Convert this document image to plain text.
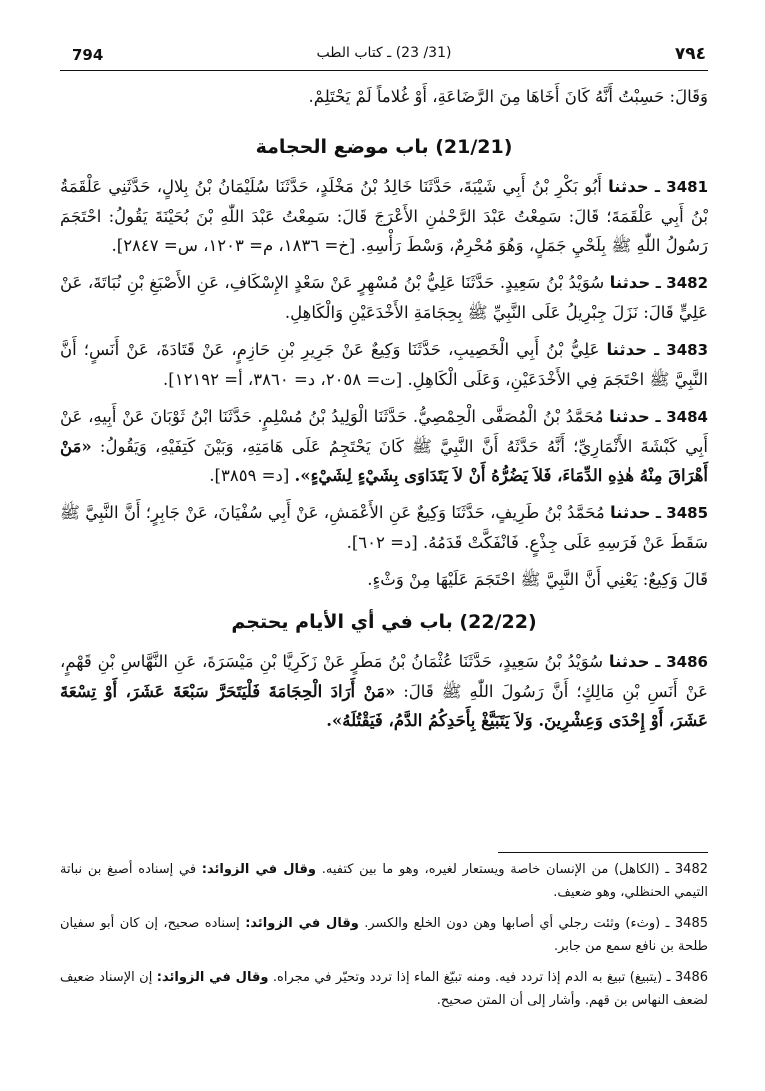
794	(31/ 23) ـ كتاب الطب	٧٩٤

وَقَالَ: حَسِبْتُ أَنَّهُ كَانَ أَخَاهَا مِنَ الرَّضَاعَةِ، أَوْ غُلاماً لَمْ يَحْتَلِمْ.

(21/21) باب موضع الحجامة

3481 ـ حدثنا أَبُو بَكْرِ بْنُ أَبِي شَيْبَةَ، حَدَّثَنَا خَالِدُ بْنُ مَخْلَدٍ، حَدَّثَنَا سُلَيْمَانُ بْنُ بِلالٍ، حَدَّثَنِي عَلْقَمَةُ بْنُ أَبِي عَلْقَمَةَ؛ قَالَ: سَمِعْتُ عَبْدَ الرَّحْمٰنِ الأَعْرَجَ قَالَ: سَمِعْتُ عَبْدَ اللّٰهِ بْنَ بُحَيْنَةَ يَقُولُ: احْتَجَمَ رَسُولُ اللّٰهِ ﷺ بِلَحْيِ جَمَلٍ، وَهُوَ مُحْرِمٌ، وَسْطَ رَأْسِهِ. [خ= ١٨٣٦، م= ١٢٠٣، س= ٢٨٤٧].

3482 ـ حدثنا سُوَيْدُ بْنُ سَعِيدٍ. حَدَّثَنَا عَلِيُّ بْنُ مُسْهِرٍ عَنْ سَعْدٍ الإِسْكَافِ، عَنِ الأَصْبَغِ بْنِ نُبَاتَةَ، عَنْ عَلِيٍّ قَالَ: نَزَلَ جِبْرِيلُ عَلَى النَّبِيِّ ﷺ بِحِجَامَةِ الأَخْدَعَيْنِ وَالْكَاهِلِ.

3483 ـ حدثنا عَلِيُّ بْنُ أَبِي الْخَصِيبِ، حَدَّثَنَا وَكِيعٌ عَنْ جَرِيرِ بْنِ حَازِمٍ، عَنْ قَتَادَةَ، عَنْ أَنَسٍ؛ أَنَّ النَّبِيَّ ﷺ احْتَجَمَ فِي الأَخْدَعَيْنِ، وَعَلَى الْكَاهِلِ. [ت= ٢٠٥٨، د= ٣٨٦٠، أ= ١٢١٩٢].

3484 ـ حدثنا مُحَمَّدُ بْنُ الْمُصَفَّى الْحِمْصِيُّ. حَدَّثَنَا الْوَلِيدُ بْنُ مُسْلِمٍ. حَدَّثَنَا ابْنُ ثَوْبَانَ عَنْ أَبِيهِ، عَنْ أَبِي كَبْشَةَ الأَنْمَارِيِّ؛ أَنَّهُ حَدَّثَهُ أَنَّ النَّبِيَّ ﷺ كَانَ يَحْتَجِمُ عَلَى هَامَتِهِ، وَبَيْنَ كَتِفَيْهِ، وَيَقُولُ: «مَنْ أَهْرَاقَ مِنْهُ هٰذِهِ الدِّمَاءَ، فَلاَ يَضُرُّهُ أَنْ لاَ يَتَدَاوَى بِشَيْءٍ لِشَيْءٍ». [د= ٣٨٥٩].

3485 ـ حدثنا مُحَمَّدُ بْنُ طَرِيفٍ، حَدَّثَنَا وَكِيعٌ عَنِ الأَعْمَشِ، عَنْ أَبِي سُفْيَانَ، عَنْ جَابِرٍ؛ أَنَّ النَّبِيَّ ﷺ سَقَطَ عَنْ فَرَسِهِ عَلَى جِذْعٍ. فَانْفَكَّتْ قَدَمُهُ. [د= ٦٠٢].

قَالَ وَكِيعٌ: يَعْنِي أَنَّ النَّبِيَّ ﷺ احْتَجَمَ عَلَيْهَا مِنْ وَثْءٍ.

(22/22) باب في أي الأيام يحتجم

3486 ـ حدثنا سُوَيْدُ بْنُ سَعِيدٍ، حَدَّثَنَا عُثْمَانُ بْنُ مَطَرٍ عَنْ زَكَرِيَّا بْنِ مَيْسَرَةَ، عَنِ النَّهَّاسِ بْنِ قَهْمٍ، عَنْ أَنَسِ بْنِ مَالِكٍ؛ أَنَّ رَسُولَ اللّٰهِ ﷺ قَالَ: «مَنْ أَرَادَ الْحِجَامَةَ فَلْيَتَحَرَّ سَبْعَةَ عَشَرَ، أَوْ تِسْعَةَ عَشَرَ، أَوْ إِحْدَى وَعِشْرِينَ. وَلاَ يَتَبَيَّغْ بِأَحَدِكُمُ الدَّمُ، فَيَقْتُلَهُ».

3482 ـ (الكاهل) من الإنسان خاصة ويستعار لغيره، وهو ما بين كتفيه. وقال في الزوائد: في إسناده أصبغ بن نباتة التيمي الحنظلي، وهو ضعيف.

3485 ـ (وثء) وثئت رجلي أي أصابها وهن دون الخلع والكسر. وقال في الزوائد: إسناده صحيح، إن كان أبو سفيان طلحة بن نافع سمع من جابر.

3486 ـ (يتبيغ) تبيغ به الدم إذا تردد فيه. ومنه تبيّغ الماء إذا تردد وتحيّر في مجراه. وقال في الزوائد: إن الإسناد ضعيف لضعف النهاس بن قهم. وأشار إلى أن المتن صحيح.
